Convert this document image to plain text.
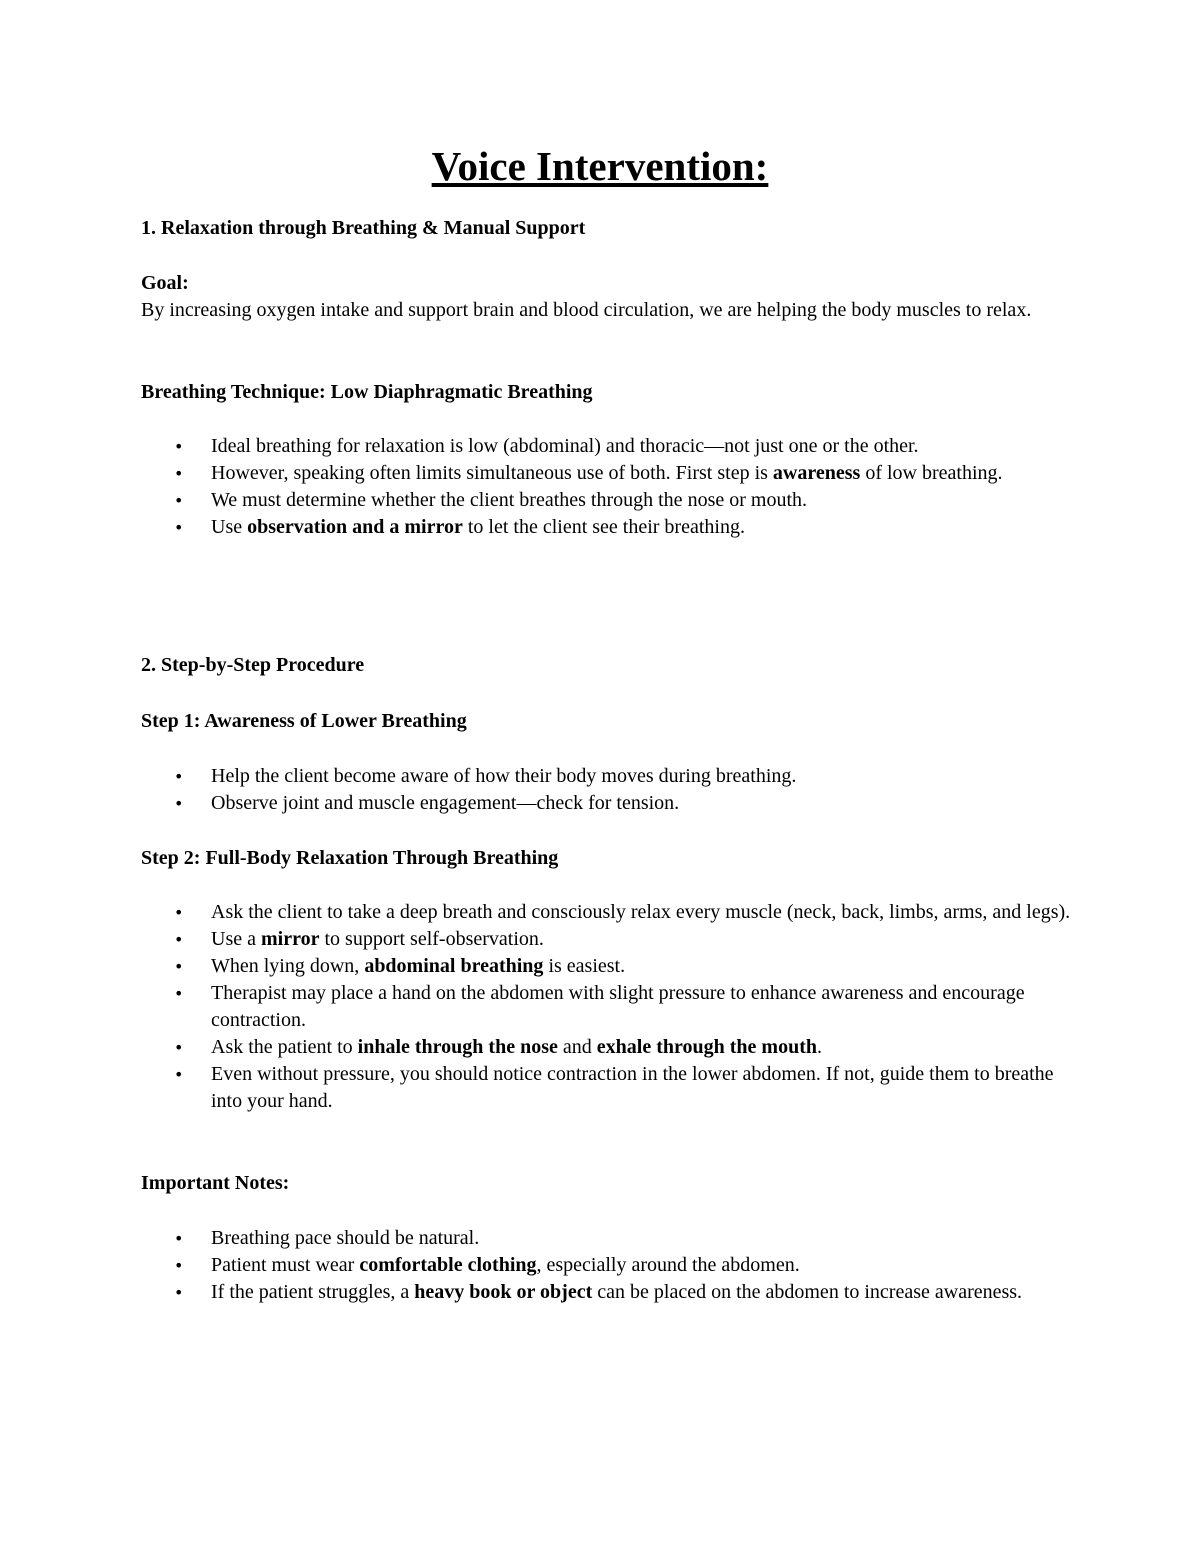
Voice Intervention:
1. Relaxation through Breathing & Manual Support
Goal:
By increasing oxygen intake and support brain and blood circulation, we are helping the body muscles to relax.
Breathing Technique: Low Diaphragmatic Breathing
• Ideal breathing for relaxation is low (abdominal) and thoracic—not just one or the other.
• However, speaking often limits simultaneous use of both. First step is awareness of low breathing.
• We must determine whether the client breathes through the nose or mouth.
• Use observation and a mirror to let the client see their breathing.
2. Step-by-Step Procedure
Step 1: Awareness of Lower Breathing
• Help the client become aware of how their body moves during breathing.
• Observe joint and muscle engagement—check for tension.
Step 2: Full-Body Relaxation Through Breathing
• Ask the client to take a deep breath and consciously relax every muscle (neck, back, limbs, arms, and legs).
• Use a mirror to support self-observation.
• When lying down, abdominal breathing is easiest.
• Therapist may place a hand on the abdomen with slight pressure to enhance awareness and encourage contraction.
• Ask the patient to inhale through the nose and exhale through the mouth.
• Even without pressure, you should notice contraction in the lower abdomen. If not, guide them to breathe into your hand.
Important Notes:
• Breathing pace should be natural.
• Patient must wear comfortable clothing, especially around the abdomen.
• If the patient struggles, a heavy book or object can be placed on the abdomen to increase awareness.
